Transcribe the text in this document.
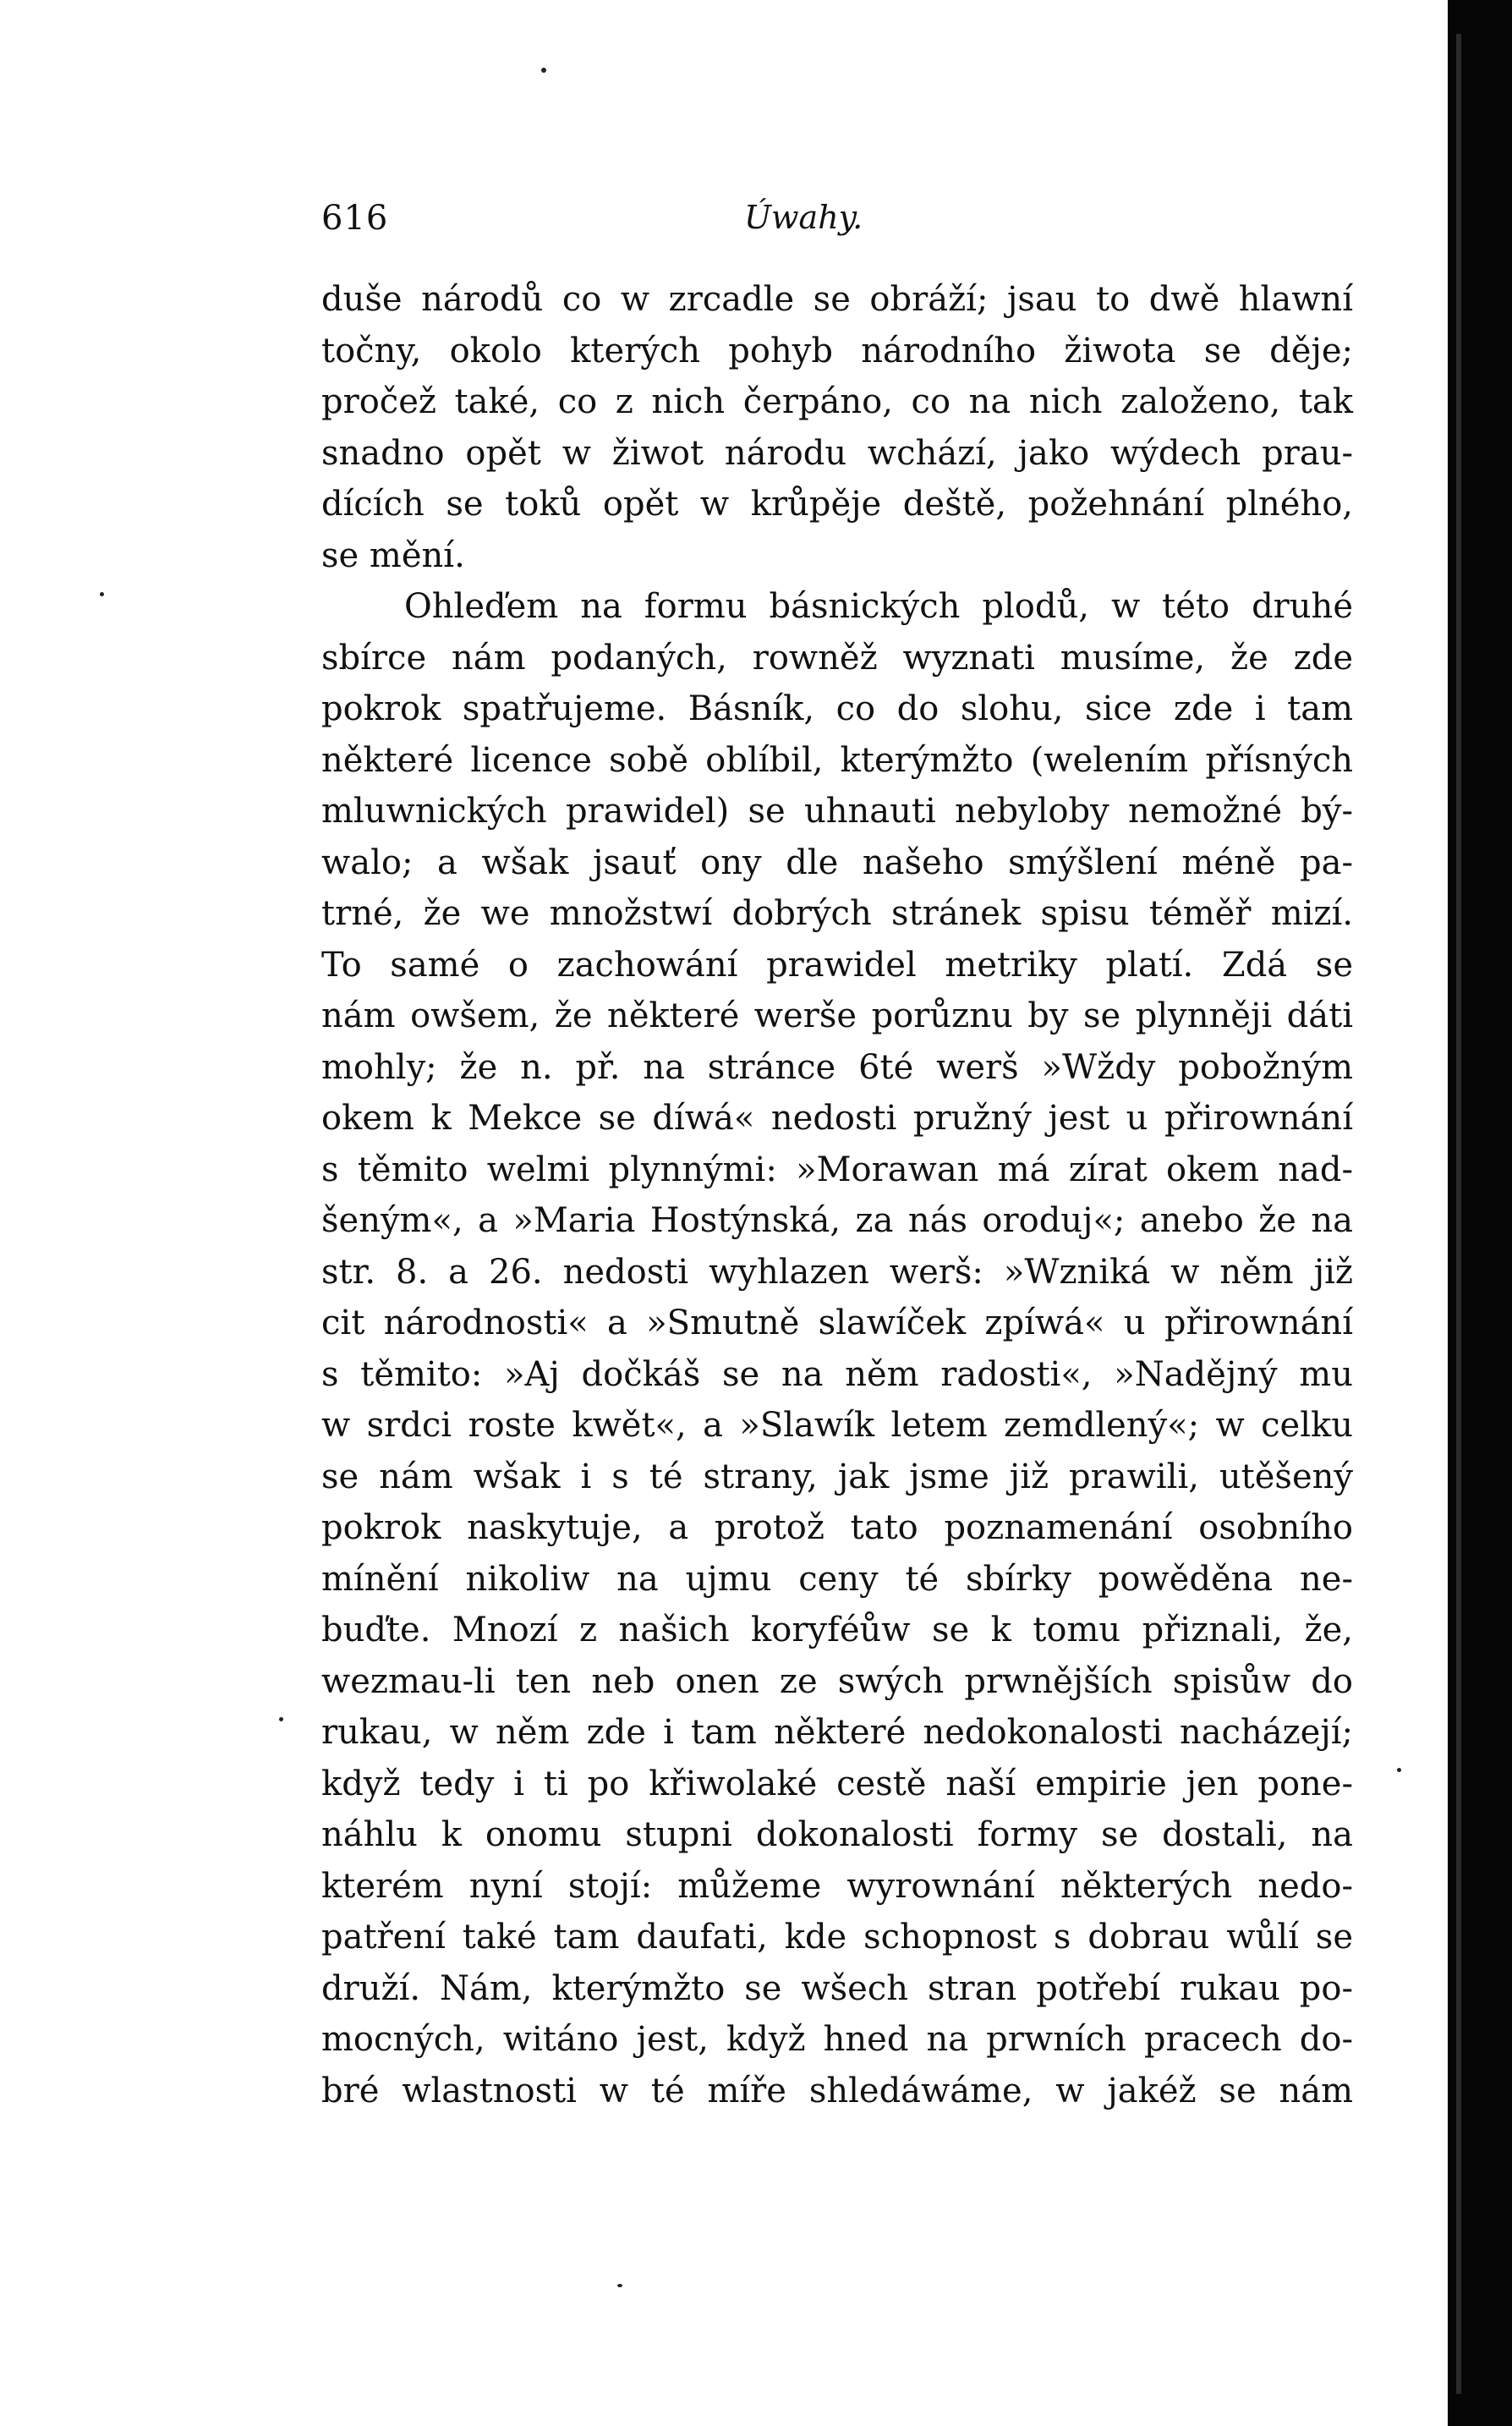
616	Úwahy.
duše národů co w zrcadle se obráží; jsau to dwě hlawní
točny, okolo kterých pohyb národního žiwota se děje;
pročež také, co z nich čerpáno, co na nich založeno, tak
snadno opět w žiwot národu wchází, jako wýdech prau-
dících se toků opět w krůpěje deště, požehnání plného,
se mění.
Ohleďem na formu básnických plodů, w této druhé
sbírce nám podaných, rowněž wyznati musíme, že zde
pokrok spatřujeme. Básník, co do slohu, sice zde i tam
některé licence sobě oblíbil, kterýmžto (welením přísných
mluwnických prawidel) se uhnauti nebyloby nemožné bý-
walo; a wšak jsauť ony dle našeho smýšlení méně pa-
trné, že we množstwí dobrých stránek spisu téměř mizí.
To samé o zachowání prawidel metriky platí. Zdá se
nám owšem, že některé werše porůznu by se plynněji dáti
mohly; že n. př. na stránce 6té werš »Wždy pobožným
okem k Mekce se díwá« nedosti pružný jest u přirownání
s těmito welmi plynnými: »Morawan má zírat okem nad-
šeným«, a »Maria Hostýnská, za nás oroduj«; anebo že na
str. 8. a 26. nedosti wyhlazen werš: »Wzniká w něm již
cit národnosti« a »Smutně slawíček zpíwá« u přirownání
s těmito: »Aj dočkáš se na něm radosti«, »Nadějný mu
w srdci roste kwět«, a »Slawík letem zemdlený«; w celku
se nám wšak i s té strany, jak jsme již prawili, utěšený
pokrok naskytuje, a protož tato poznamenání osobního
mínění nikoliw na ujmu ceny té sbírky powěděna ne-
buďte. Mnozí z našich koryféůw se k tomu přiznali, že,
wezmau-li ten neb onen ze swých prwnějších spisůw do
rukau, w něm zde i tam některé nedokonalosti nacházejí;
když tedy i ti po křiwolaké cestě naší empirie jen pone-
náhlu k onomu stupni dokonalosti formy se dostali, na
kterém nyní stojí: můžeme wyrownání některých nedo-
patření také tam daufati, kde schopnost s dobrau wůlí se
druží. Nám, kterýmžto se wšech stran potřebí rukau po-
mocných, witáno jest, když hned na prwních pracech do-
bré wlastnosti w té míře shledáwáme, w jakéž se nám
